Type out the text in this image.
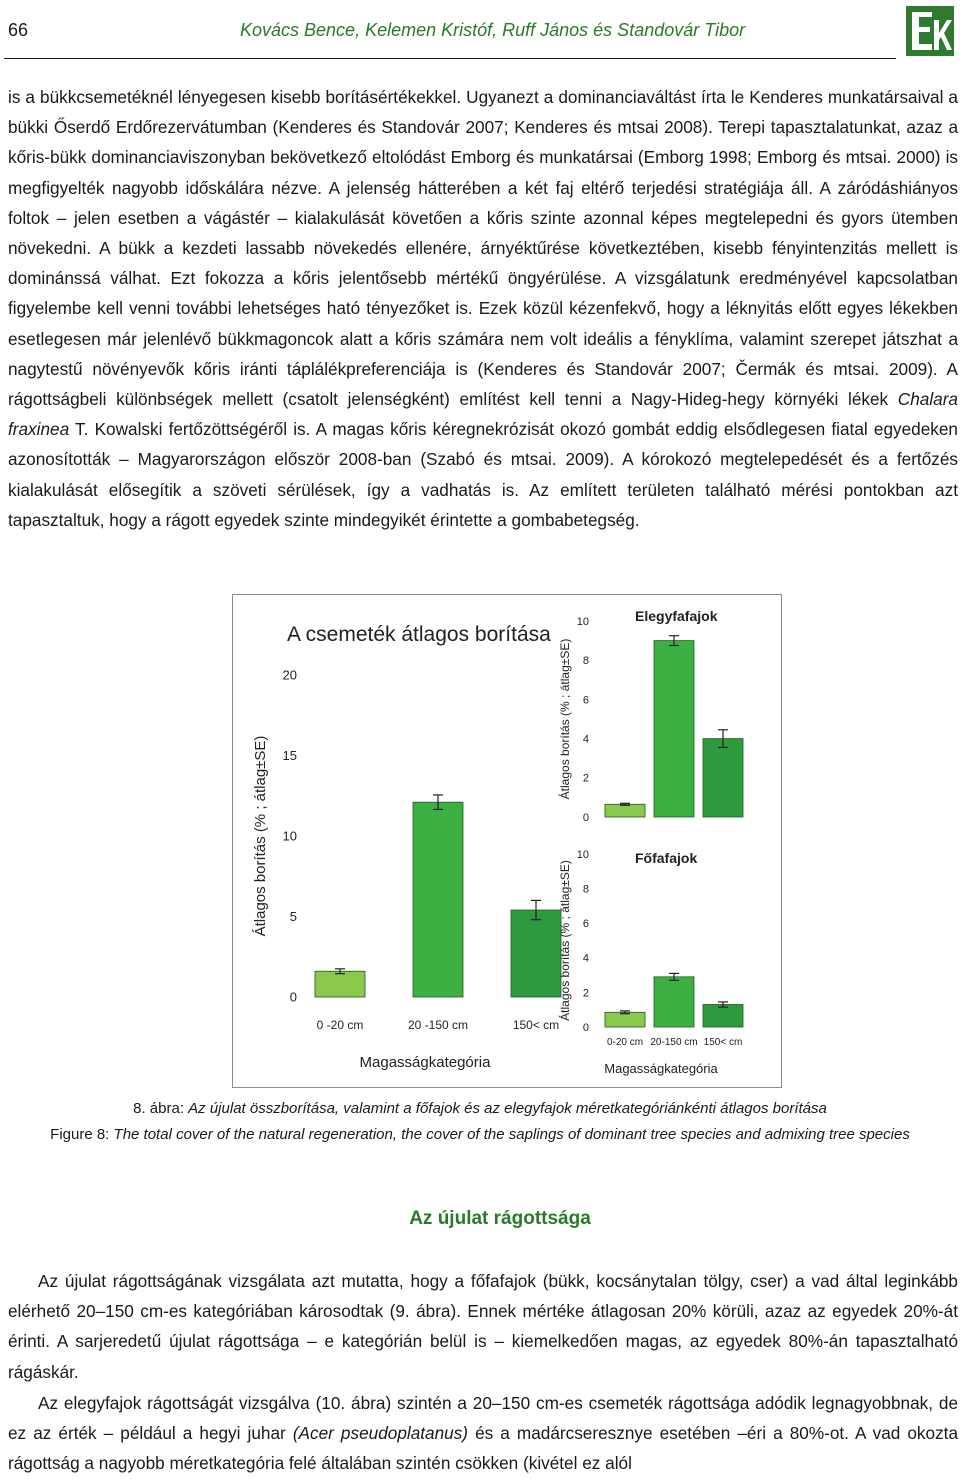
66	Kovács Bence, Kelemen Kristóf, Ruff János és Standovár Tibor

is a bükkcsemetéknél lényegesen kisebb borításértékekkel. Ugyanezt a dominanciaváltást írta le Kenderes munkatársaival a bükki Őserdő Erdőrezervátumban (Kenderes és Standovár 2007; Kenderes és mtsai 2008). Terepi tapasztalatunkat, azaz a kőris-bükk dominanciaviszonyban bekövetkező eltolódást Emborg és munkatársai (Emborg 1998; Emborg és mtsai. 2000) is megfigyelték nagyobb időskálára nézve. A jelenség hátterében a két faj eltérő terjedési stratégiája áll. A záródáshiányos foltok – jelen esetben a vágástér – kialakulását követően a kőris szinte azonnal képes megtelepedni és gyors ütemben növekedni. A bükk a kezdeti lassabb növekedés ellenére, árnyéktűrése következtében, kisebb fényintenzitás mellett is dominánssá válhat. Ezt fokozza a kőris jelentősebb mértékű öngyérülése. A vizsgálatunk eredményével kapcsolatban figyelembe kell venni további lehetséges ható tényezőket is. Ezek közül kézenfekvő, hogy a léknyitás előtt egyes lékekben esetlegesen már jelenlévő bükkmagoncok alatt a kőris számára nem volt ideális a fényklíma, valamint szerepet játszhat a nagytestű növényevők kőris iránti táplálékpreferenciája is (Kenderes és Standovár 2007; Čermák és mtsai. 2009). A rágottságbeli különbségek mellett (csatolt jelenségként) említést kell tenni a Nagy-Hideg-hegy környéki lékek Chalara fraxinea T. Kowalski fertőzöttségéről is. A magas kőris kéregnekrózisát okozó gombát eddig elsődlegesen fiatal egyedeken azonosították – Magyarországon először 2008-ban (Szabó és mtsai. 2009). A kórokozó megtelepedését és a fertőzés kialakulását elősegítik a szöveti sérülések, így a vadhatás is. Az említett területen található mérési pontokban azt tapasztaltuk, hogy a rágott egyedek szinte mindegyikét érintette a gombabetegség.

0
5
10
15
20
Átlagos borítás (% ; átlag±SE)
0 -20 cm	20 -150 cm	150< cm
A csemeték átlagos borítása
Magasságkategória
0
2
4
6
8
10
Átlagos borítás (% ; átlag±SE)
Elegyfafajok
0
2
4
6
8
10
Átlagos borítás (% ; átlag±SE)
0-20 cm 20-150 cm 150< cm
Főfafajok
Magasságkategória
8. ábra: Az újulat összborítása, valamint a főfajok és az elegyfajok méretkategóriánkénti átlagos borítása
Figure 8: The total cover of the natural regeneration, the cover of the saplings of dominant tree species and admixing tree species
Az újulat rágottsága

Az újulat rágottságának vizsgálata azt mutatta, hogy a főfafajok (bükk, kocsánytalan tölgy, cser) a vad által leginkább elérhető 20–150 cm-es kategóriában károsodtak (9. ábra). Ennek mértéke átlagosan 20% körüli, azaz az egyedek 20%-át érinti. A sarjeredetű újulat rágottsága – e kategórián belül is – kiemelkedően magas, az egyedek 80%-án tapasztalható rágáskár.

Az elegyfajok rágottságát vizsgálva (10. ábra) szintén a 20–150 cm-es csemeték rágottsága adódik legnagyobbnak, de ez az érték – például a hegyi juhar (Acer pseudoplatanus) és a madárcseresznye esetében –éri a 80%-ot. A vad okozta rágottság a nagyobb méretkategória felé általában szintén csökken (kivétel ez alól
